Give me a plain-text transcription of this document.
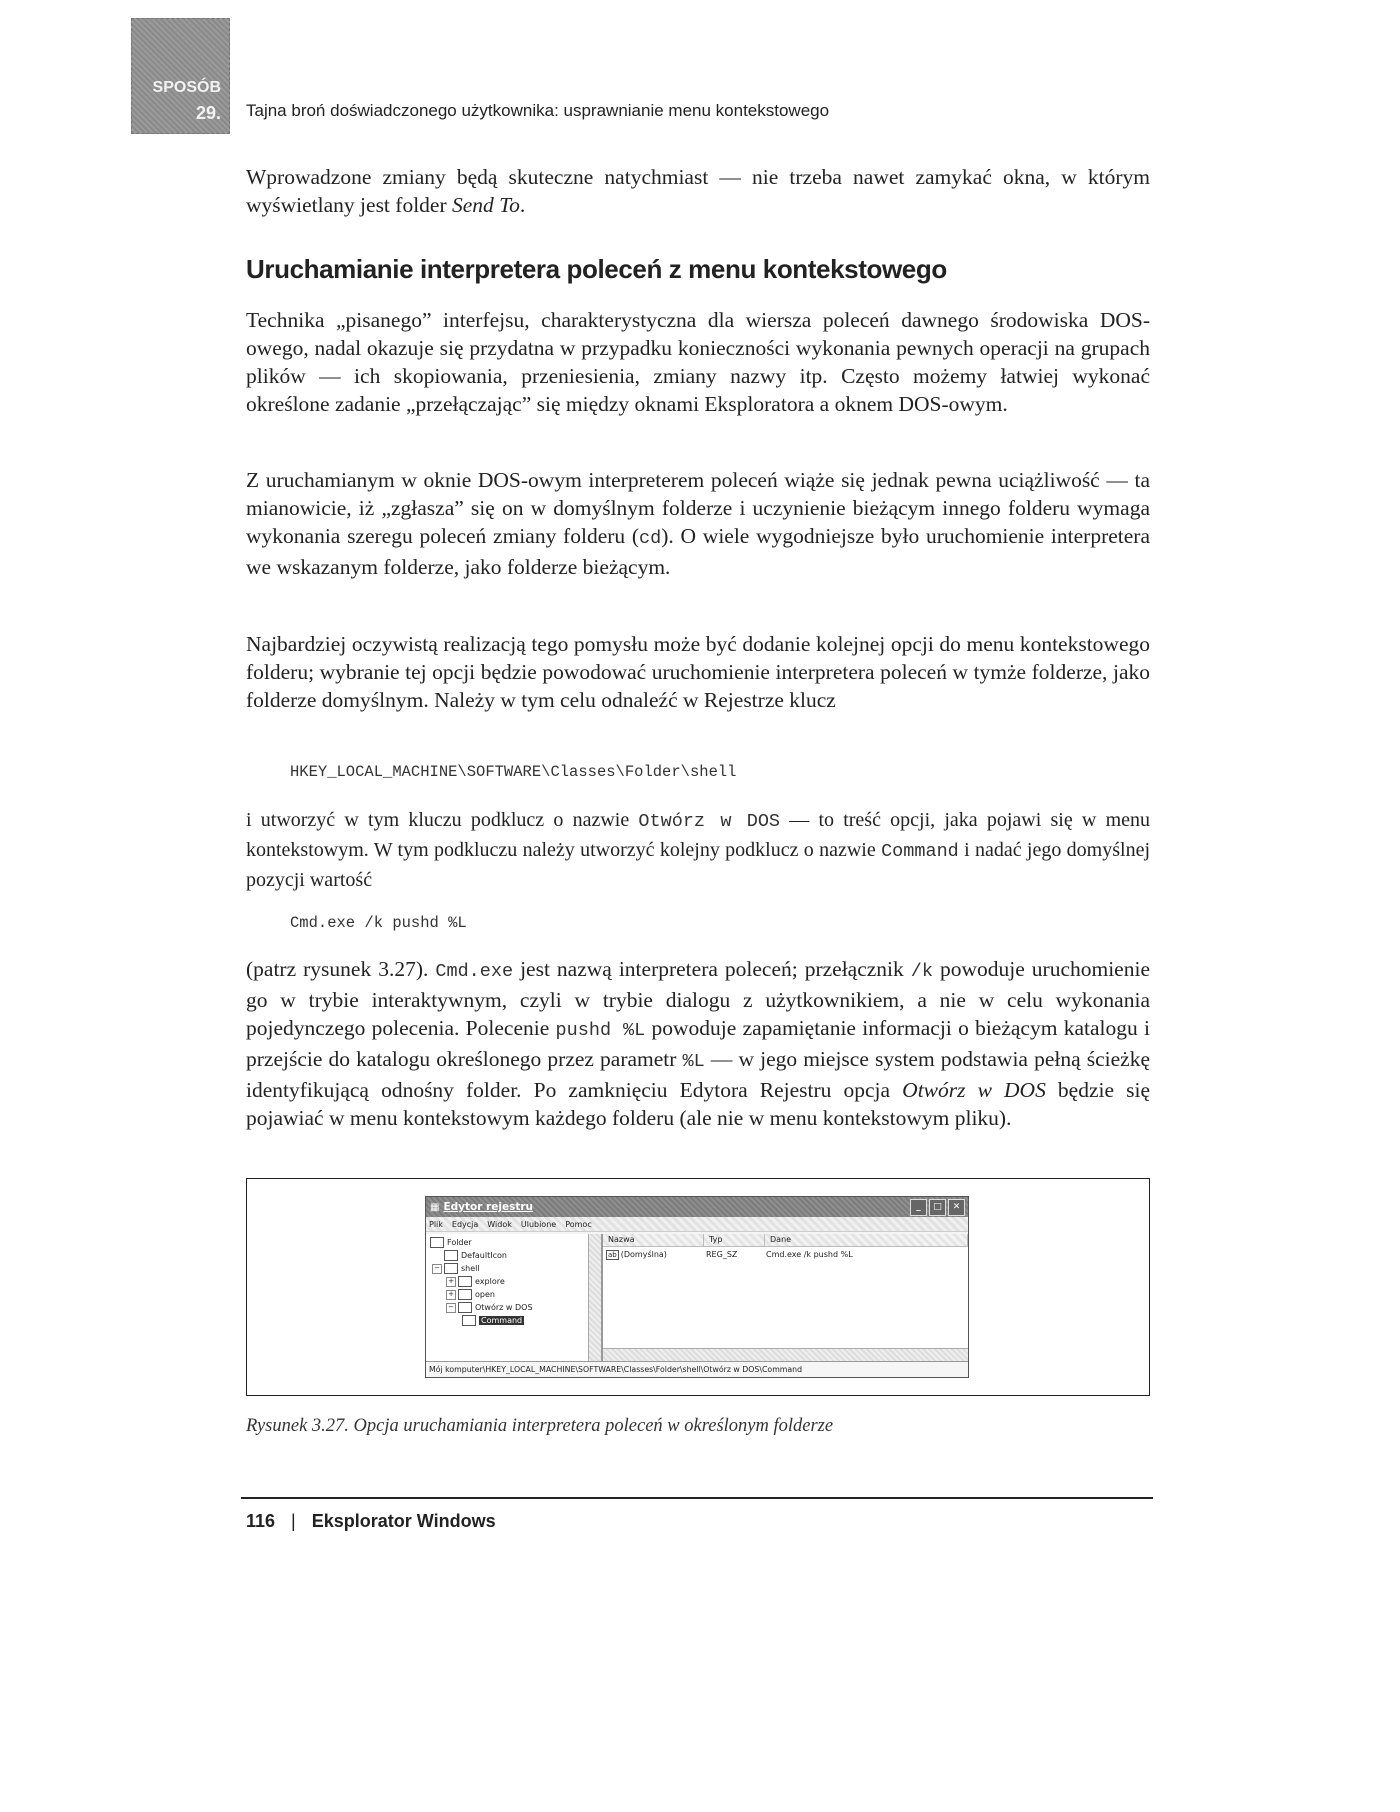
SPOSÓB
29. Tajna broń doświadczonego użytkownika: usprawnianie menu kontekstowego
Wprowadzone zmiany będą skuteczne natychmiast — nie trzeba nawet zamykać okna, w którym wyświetlany jest folder Send To.
Uruchamianie interpretera poleceń z menu kontekstowego
Technika „pisanego” interfejsu, charakterystyczna dla wiersza poleceń dawnego środowiska DOS-owego, nadal okazuje się przydatna w przypadku konieczności wykonania pewnych operacji na grupach plików — ich skopiowania, przeniesienia, zmiany nazwy itp. Często możemy łatwiej wykonać określone zadanie „przełączając” się między oknami Eksploratora a oknem DOS-owym.
Z uruchamianym w oknie DOS-owym interpreterem poleceń wiąże się jednak pewna uciążliwość — ta mianowicie, iż „zgłasza” się on w domyślnym folderze i uczynienie bieżącym innego folderu wymaga wykonania szeregu poleceń zmiany folderu (cd). O wiele wygodniejsze było uruchomienie interpretera we wskazanym folderze, jako folderze bieżącym.
Najbardziej oczywistą realizacją tego pomysłu może być dodanie kolejnej opcji do menu kontekstowego folderu; wybranie tej opcji będzie powodować uruchomienie interpretera poleceń w tymże folderze, jako folderze domyślnym. Należy w tym celu odnaleźć w Rejestrze klucz
HKEY_LOCAL_MACHINE\SOFTWARE\Classes\Folder\shell
i utworzyć w tym kluczu podklucz o nazwie Otwórz w DOS — to treść opcji, jaka pojawi się w menu kontekstowym. W tym podkluczu należy utworzyć kolejny podklucz o nazwie Command i nadać jego domyślnej pozycji wartość
Cmd.exe /k pushd %L
(patrz rysunek 3.27). Cmd.exe jest nazwą interpretera poleceń; przełącznik /k powoduje uruchomienie go w trybie interaktywnym, czyli w trybie dialogu z użytkownikiem, a nie w celu wykonania pojedynczego polecenia. Polecenie pushd %L powoduje zapamiętanie informacji o bieżącym katalogu i przejście do katalogu określonego przez parametr %L — w jego miejsce system podstawia pełną ścieżkę identyfikującą odnośny folder. Po zamknięciu Edytora Rejestru opcja Otwórz w DOS będzie się pojawiać w menu kontekstowym każdego folderu (ale nie w menu kontekstowym pliku).
▦ Edytor rejestru	_	□	✕
Plik Edycja Widok Ulubione Pomoc
Folder
DefaultIcon
−	shell
+	explore
+	open
−	Otwórz w DOS
Command
Nazwa	Typ	Dane
ab (Domyślna)	REG_SZ	Cmd.exe /k pushd %L
Mój komputer\HKEY_LOCAL_MACHINE\SOFTWARE\Classes\Folder\shell\Otwórz w DOS\Command
Rysunek 3.27. Opcja uruchamiania interpretera poleceń w określonym folderze
116 | Eksplorator Windows
